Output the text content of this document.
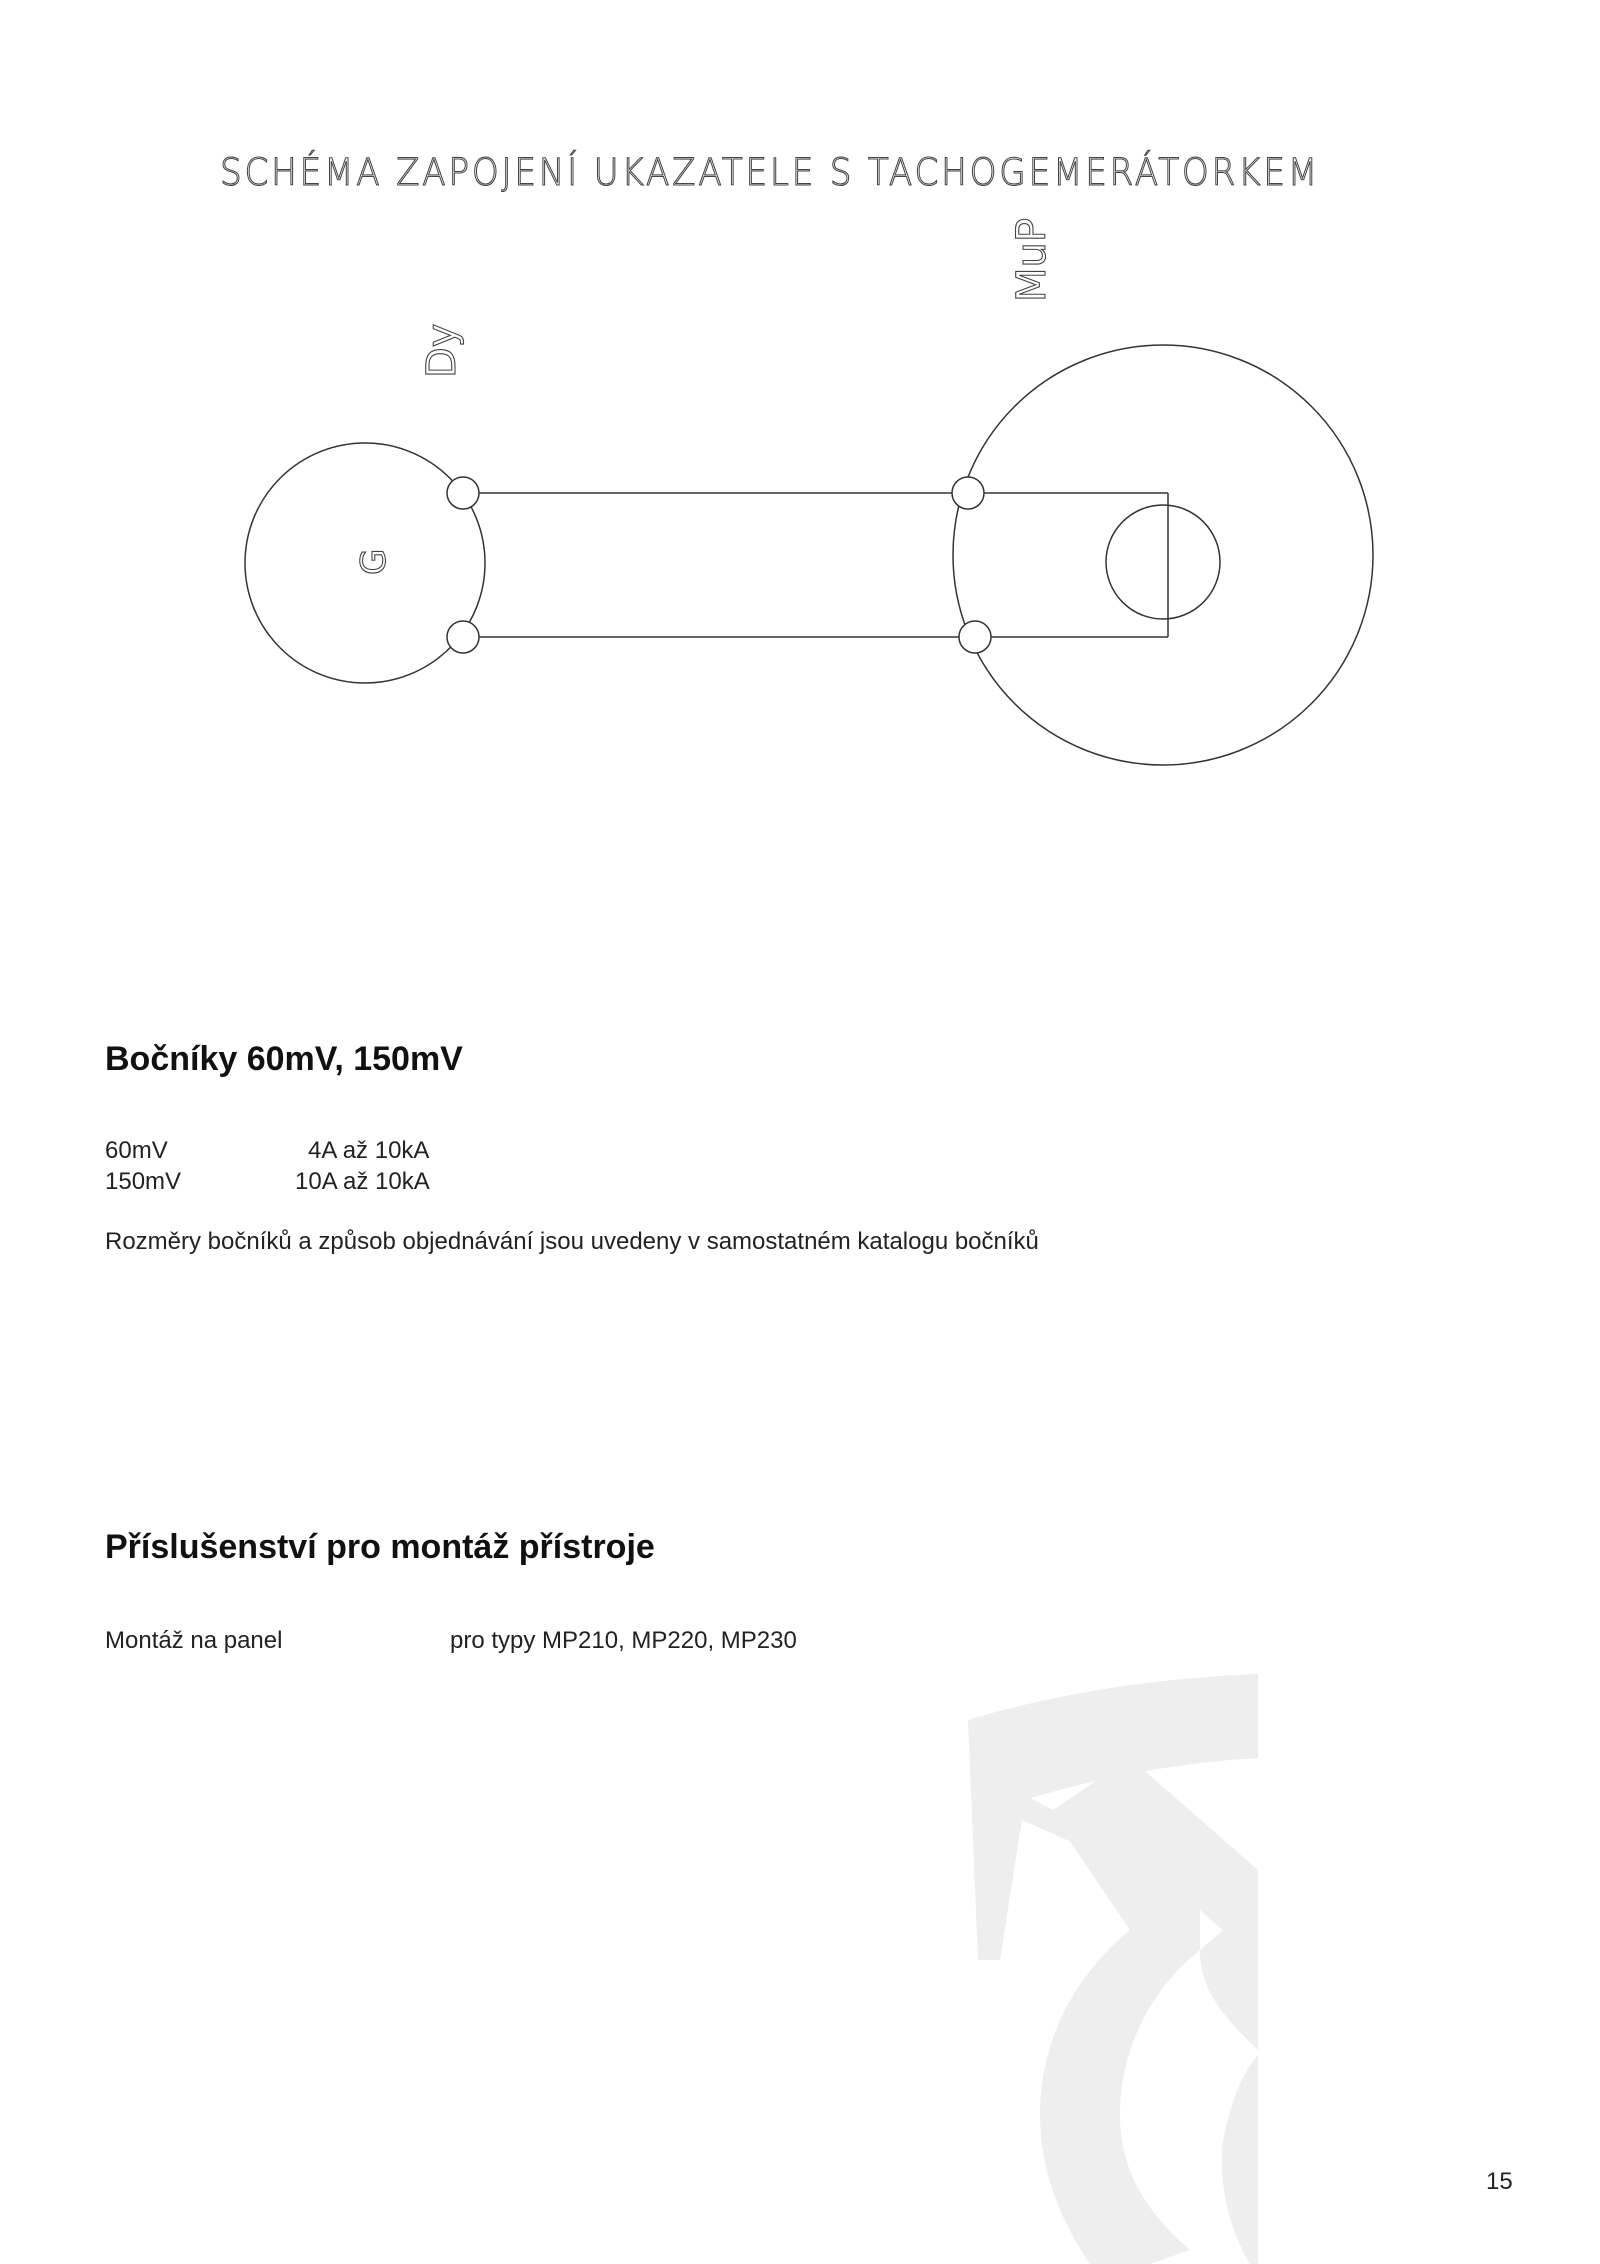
SCHÉMA ZAPOJENÍ UKAZATELE S TACHOGEMERÁTORKEM
Dy
MuP
G
Bočníky 60mV, 150mV
60mV	4A až 10kA
150mV	10A až 10kA
Rozměry bočníků a způsob objednávání jsou uvedeny v samostatném katalogu bočníků
Příslušenství pro montáž přístroje
Montáž na panel	pro typy MP210, MP220, MP230
15
